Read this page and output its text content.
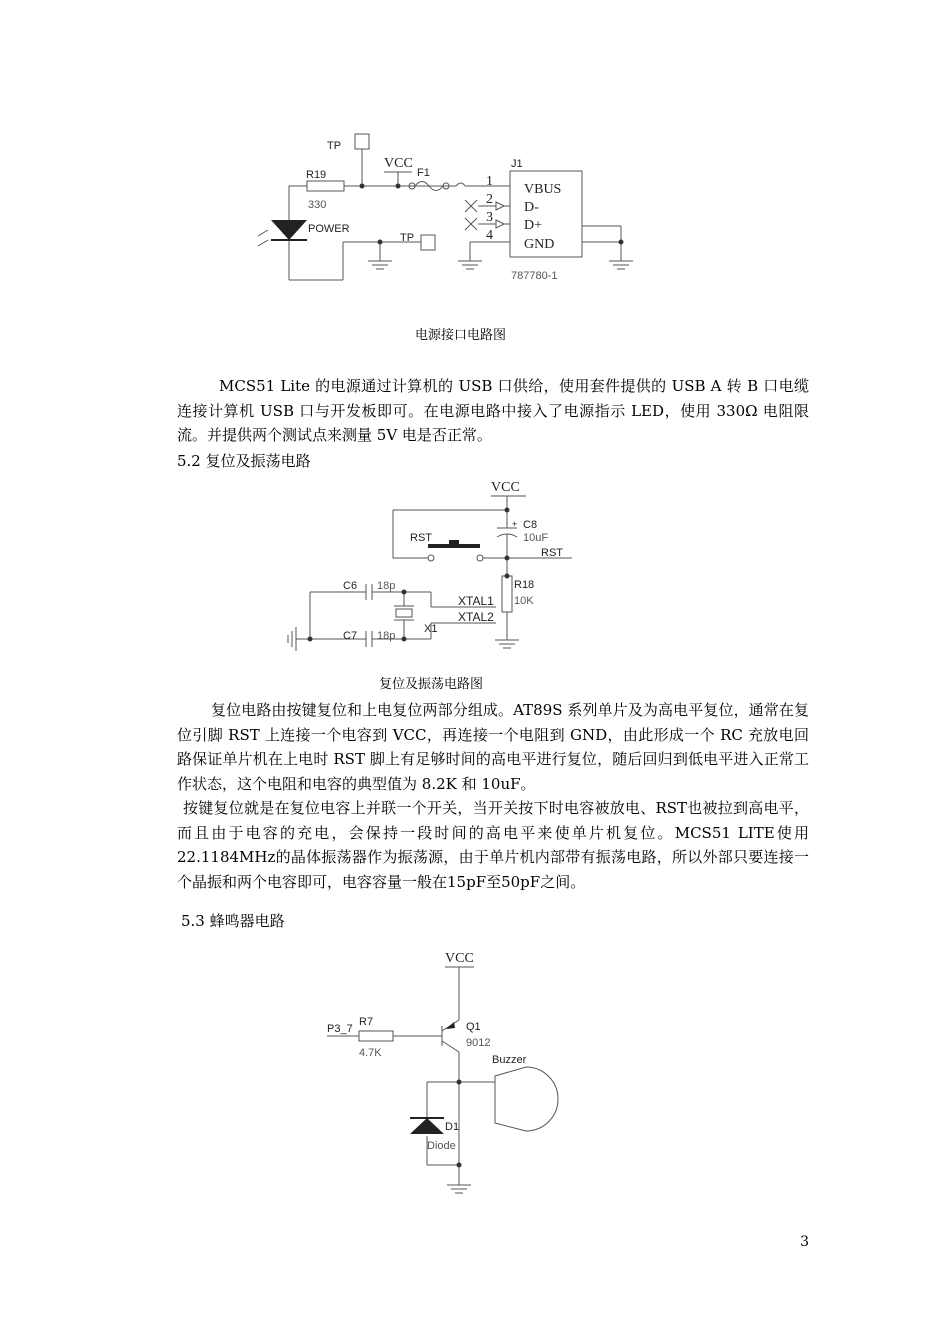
TP
VCC
R19
330
F1
POWER
TP
J1
1
2
3
4
VBUS
D-
D+
GND
787780-1
电源接口电路图

MCS51 Lite 的电源通过计算机的 USB 口供给，使用套件提供的 USB A 转 B 口电缆连接计算机 USB 口与开发板即可。在电源电路中接入了电源指示 LED，使用 330Ω 电阻限流。并提供两个测试点来测量 5V 电是否正常。

5.2 复位及振荡电路

VCC
+ C8
10uF
RST
RST
R18
10K
C6 18p
C7 18p
XTAL1
XTAL2
X1
复位及振荡电路图

复位电路由按键复位和上电复位两部分组成。AT89S 系列单片及为高电平复位，通常在复位引脚 RST 上连接一个电容到 VCC，再连接一个电阻到 GND，由此形成一个 RC 充放电回路保证单片机在上电时 RST 脚上有足够时间的高电平进行复位，随后回归到低电平进入正常工作状态，这个电阻和电容的典型值为 8.2K 和 10uF。

按键复位就是在复位电容上并联一个开关，当开关按下时电容被放电、RST也被拉到高电平，而且由于电容的充电，会保持一段时间的高电平来使单片机复位。MCS51 LITE使用22.1184MHz的晶体振荡器作为振荡源，由于单片机内部带有振荡电路，所以外部只要连接一个晶振和两个电容即可，电容容量一般在15pF至50pF之间。

5.3 蜂鸣器电路

VCC
P3_7
R7
4.7K
Q1
9012
Buzzer
D1
Diode
3
